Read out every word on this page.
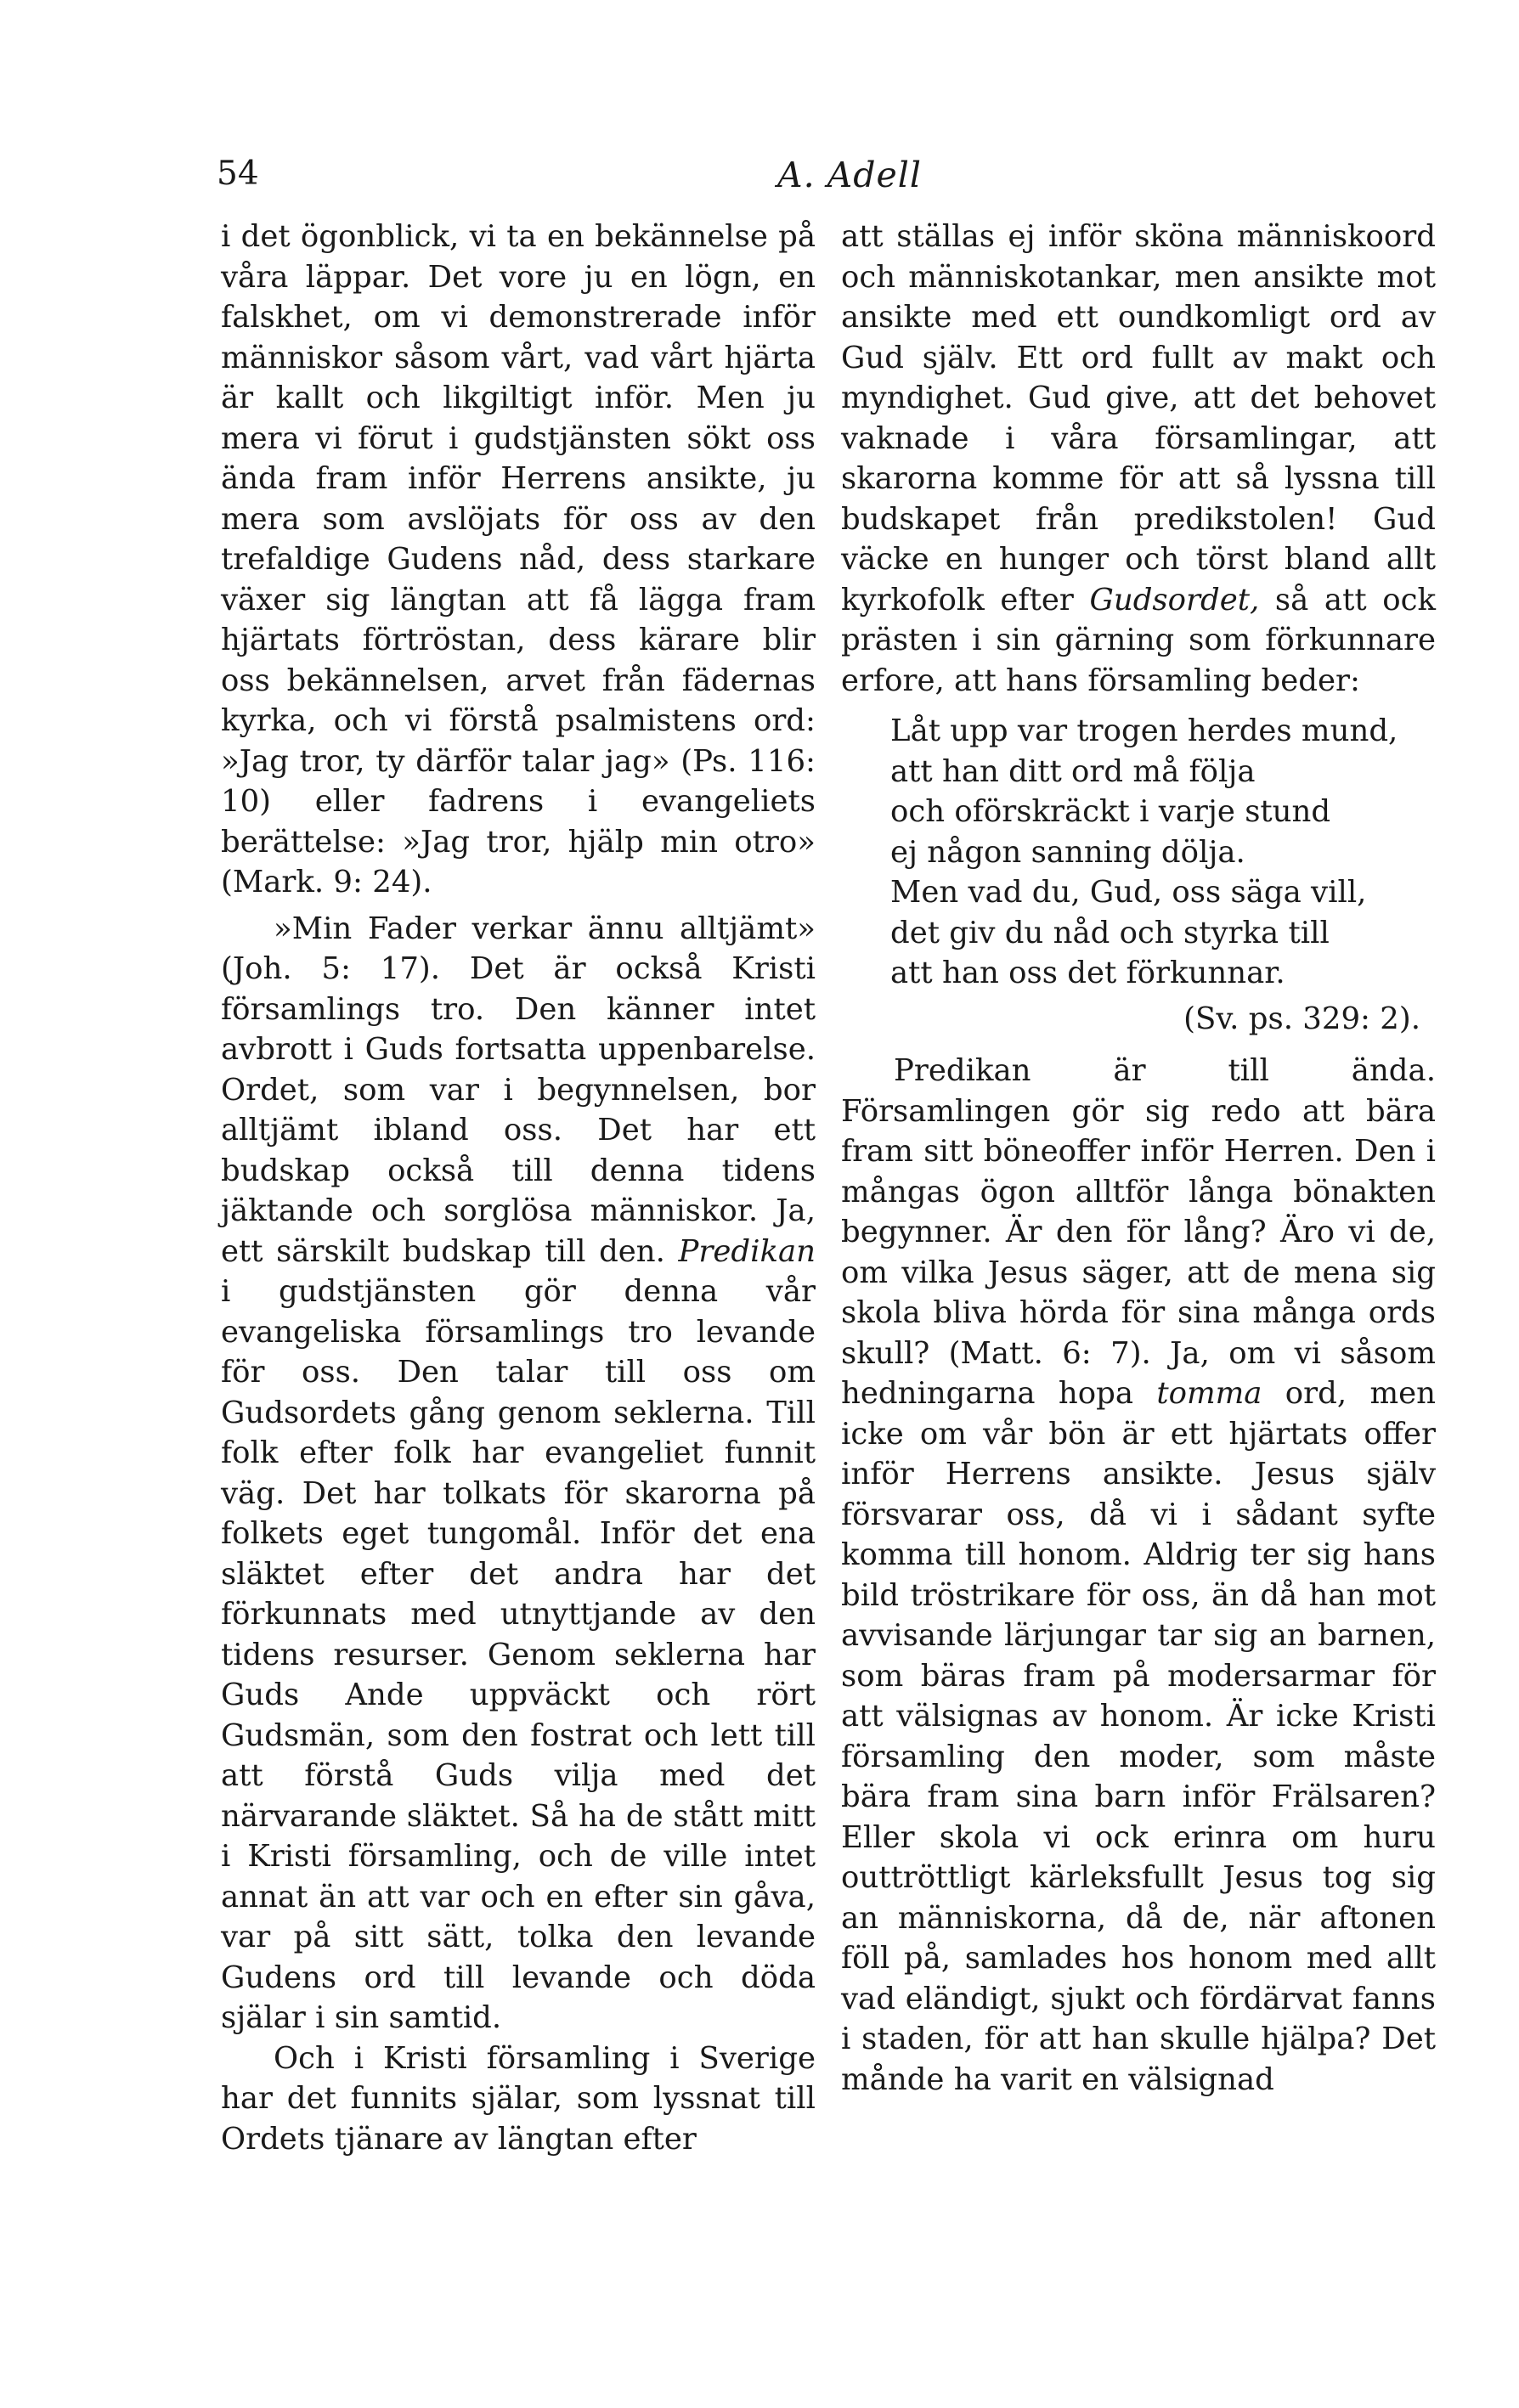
54	A. Adell

i det ögonblick, vi ta en bekännelse på våra läppar. Det vore ju en lögn, en falskhet, om vi demonstrerade inför människor såsom vårt, vad vårt hjärta är kallt och likgiltigt inför. Men ju mera vi förut i gudstjänsten sökt oss ända fram inför Herrens ansikte, ju mera som avslöjats för oss av den trefaldige Gudens nåd, dess starkare växer sig längtan att få lägga fram hjärtats förtröstan, dess kärare blir oss bekännelsen, arvet från fädernas kyrka, och vi förstå psalmistens ord: »Jag tror, ty därför talar jag» (Ps. 116: 10) eller fadrens i evangeliets berättelse: »Jag tror, hjälp min otro» (Mark. 9: 24).

»Min Fader verkar ännu alltjämt» (Joh. 5: 17). Det är också Kristi församlings tro. Den känner intet avbrott i Guds fortsatta uppenbarelse. Ordet, som var i begynnelsen, bor alltjämt ibland oss. Det har ett budskap också till denna tidens jäktande och sorglösa människor. Ja, ett särskilt budskap till den. Predikan i gudstjänsten gör denna vår evangeliska församlings tro levande för oss. Den talar till oss om Gudsordets gång genom seklerna. Till folk efter folk har evangeliet funnit väg. Det har tolkats för skarorna på folkets eget tungomål. Inför det ena släktet efter det andra har det förkunnats med utnyttjande av den tidens resurser. Genom seklerna har Guds Ande uppväckt och rört Gudsmän, som den fostrat och lett till att förstå Guds vilja med det närvarande släktet. Så ha de stått mitt i Kristi församling, och de ville intet annat än att var och en efter sin gåva, var på sitt sätt, tolka den levande Gudens ord till levande och döda själar i sin samtid.

Och i Kristi församling i Sverige har det funnits själar, som lyssnat till Ordets tjänare av längtan efter

att ställas ej inför sköna människoord och människotankar, men ansikte mot ansikte med ett oundkomligt ord av Gud själv. Ett ord fullt av makt och myndighet. Gud give, att det behovet vaknade i våra församlingar, att skarorna komme för att så lyssna till budskapet från predikstolen! Gud väcke en hunger och törst bland allt kyrkofolk efter Gudsordet, så att ock prästen i sin gärning som förkunnare erfore, att hans församling beder:

Låt upp var trogen herdes mund,
att han ditt ord må följa
och oförskräckt i varje stund
ej någon sanning dölja.
Men vad du, Gud, oss säga vill,
det giv du nåd och styrka till
att han oss det förkunnar.
(Sv. ps. 329: 2).

Predikan är till ända. Församlingen gör sig redo att bära fram sitt böneoffer inför Herren. Den i mångas ögon alltför långa bönakten begynner. Är den för lång? Äro vi de, om vilka Jesus säger, att de mena sig skola bliva hörda för sina många ords skull? (Matt. 6: 7). Ja, om vi såsom hedningarna hopa tomma ord, men icke om vår bön är ett hjärtats offer inför Herrens ansikte. Jesus själv försvarar oss, då vi i sådant syfte komma till honom. Aldrig ter sig hans bild tröstrikare för oss, än då han mot avvisande lärjungar tar sig an barnen, som bäras fram på modersarmar för att välsignas av honom. Är icke Kristi församling den moder, som måste bära fram sina barn inför Frälsaren? Eller skola vi ock erinra om huru outtröttligt kärleksfullt Jesus tog sig an människorna, då de, när aftonen föll på, samlades hos honom med allt vad eländigt, sjukt och fördärvat fanns i staden, för att han skulle hjälpa? Det månde ha varit en välsignad
